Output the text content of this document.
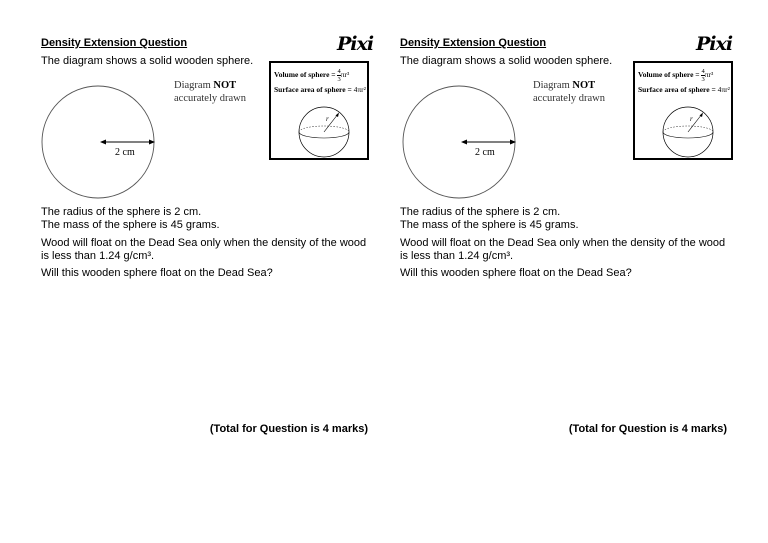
Density Extension Question	Pixi
The diagram shows a solid wooden sphere.
2 cm
Diagram NOT
accurately drawn
Volume of sphere = $\frac{4}{3} \pi r^3$
Surface area of sphere = 4πr²
r
The radius of the sphere is 2 cm.
The mass of the sphere is 45 grams.
Wood will float on the Dead Sea only when the density of the wood is less than 1.24 g/cm³.
Will this wooden sphere float on the Dead Sea?
(Total for Question is 4 marks)
Density Extension Question	Pixi
The diagram shows a solid wooden sphere.
2 cm
Diagram NOT
accurately drawn
Volume of sphere = $\frac{4}{3} \pi r^3$
Surface area of sphere = 4πr²
r
The radius of the sphere is 2 cm.
The mass of the sphere is 45 grams.
Wood will float on the Dead Sea only when the density of the wood is less than 1.24 g/cm³.
Will this wooden sphere float on the Dead Sea?
(Total for Question is 4 marks)
